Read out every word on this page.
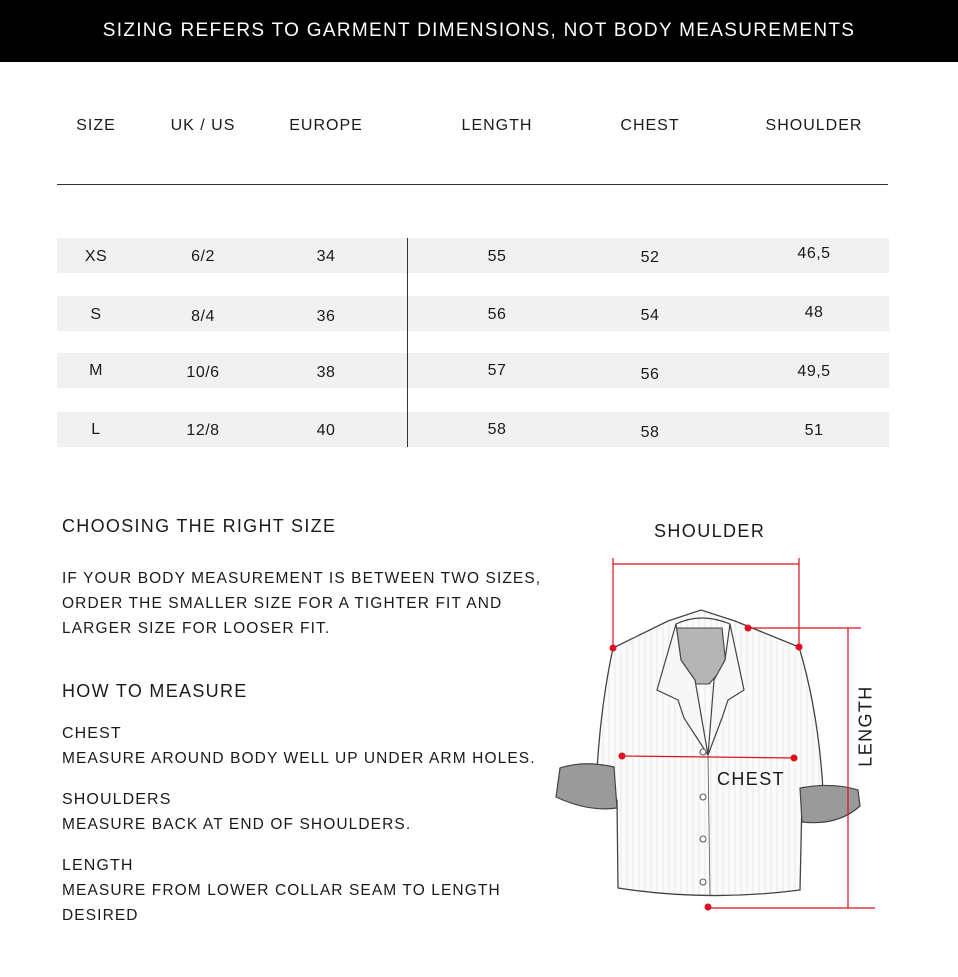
SIZING REFERS TO GARMENT DIMENSIONS, NOT BODY MEASUREMENTS
SIZE	UK / US	EUROPE	LENGTH	CHEST	SHOULDER
XS	6/2	34	55	52	46,5
S	8/4	36	56	54	48
M	10/6	38	57	56	49,5
L	12/8	40	58	58	51
CHOOSING THE RIGHT SIZE
IF YOUR BODY MEASUREMENT IS BETWEEN TWO SIZES,
ORDER THE SMALLER SIZE FOR A TIGHTER FIT AND
LARGER SIZE FOR LOOSER FIT.
HOW TO MEASURE
CHEST
MEASURE AROUND BODY WELL UP UNDER ARM HOLES.
SHOULDERS
MEASURE BACK AT END OF SHOULDERS.
LENGTH
MEASURE FROM LOWER COLLAR SEAM TO LENGTH
DESIRED
SHOULDER
CHEST
LENGTH
